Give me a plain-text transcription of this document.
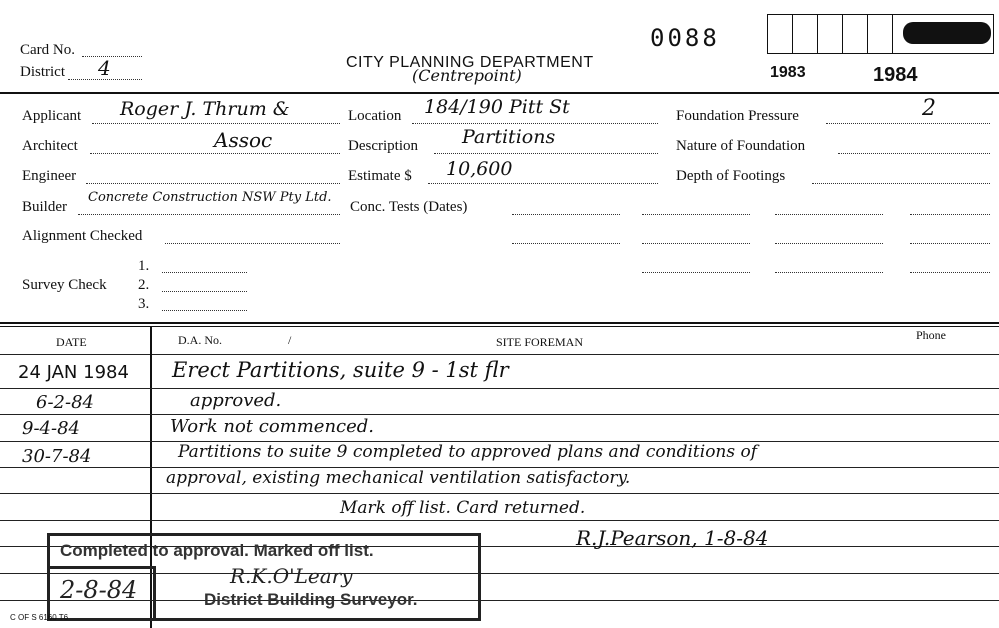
Card No.
District 4	CITY PLANNING DEPARTMENT
(Centrepoint)
0088
1983	1984
Applicant Roger J. Thrum &
Architect	Assoc
Engineer
Builder
Concrete Construction NSW Pty Ltd.
Alignment Checked
Survey Check
1.
2.
3.
Location 184/190 Pitt St
Description Partitions
Estimate $ 10,600
Conc. Tests (Dates)
Foundation Pressure	2
Nature of Foundation
Depth of Footings
DATE	D.A. No.	/	SITE FOREMAN	Phone
24 JAN 1984 Erect Partitions, suite 9 - 1st flr
6-2-84	approved.
9-4-84	Work not commenced.
30-7-84	Partitions to suite 9 completed to approved plans and conditions of
approval, existing mechanical ventilation satisfactory.
Mark off list. Card returned.
R.J.Pearson, 1-8-84
Completed to approval. Marked off list.
2-8-84	R.K.O'Leary
District Building Surveyor.
C OF S 6160 T6
